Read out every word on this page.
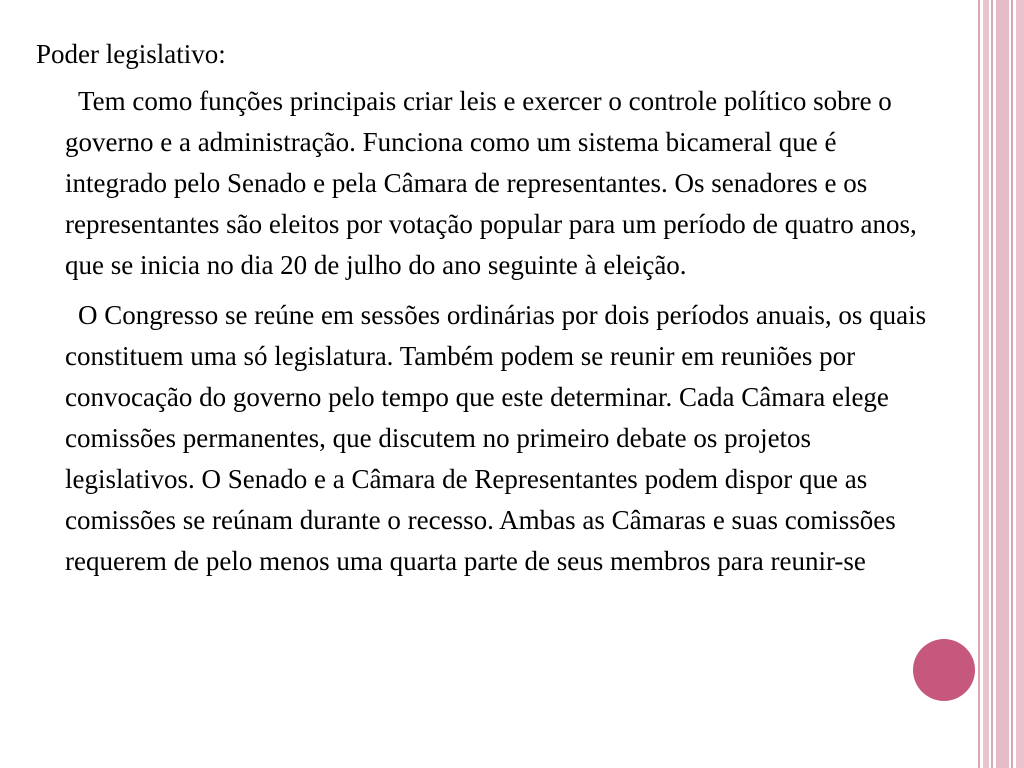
Poder legislativo:

Tem como funções principais criar leis e exercer o controle político sobre o governo e a administração. Funciona como um sistema bicameral que é integrado pelo Senado e pela Câmara de representantes. Os senadores e os representantes são eleitos por votação popular para um período de quatro anos, que se inicia no dia 20 de julho do ano seguinte à eleição.

O Congresso se reúne em sessões ordinárias por dois períodos anuais, os quais constituem uma só legislatura. Também podem se reunir em reuniões por convocação do governo pelo tempo que este determinar. Cada Câmara elege comissões permanentes, que discutem no primeiro debate os projetos legislativos. O Senado e a Câmara de Representantes podem dispor que as comissões se reúnam durante o recesso. Ambas as Câmaras e suas comissões requerem de pelo menos uma quarta parte de seus membros para reunir-se
